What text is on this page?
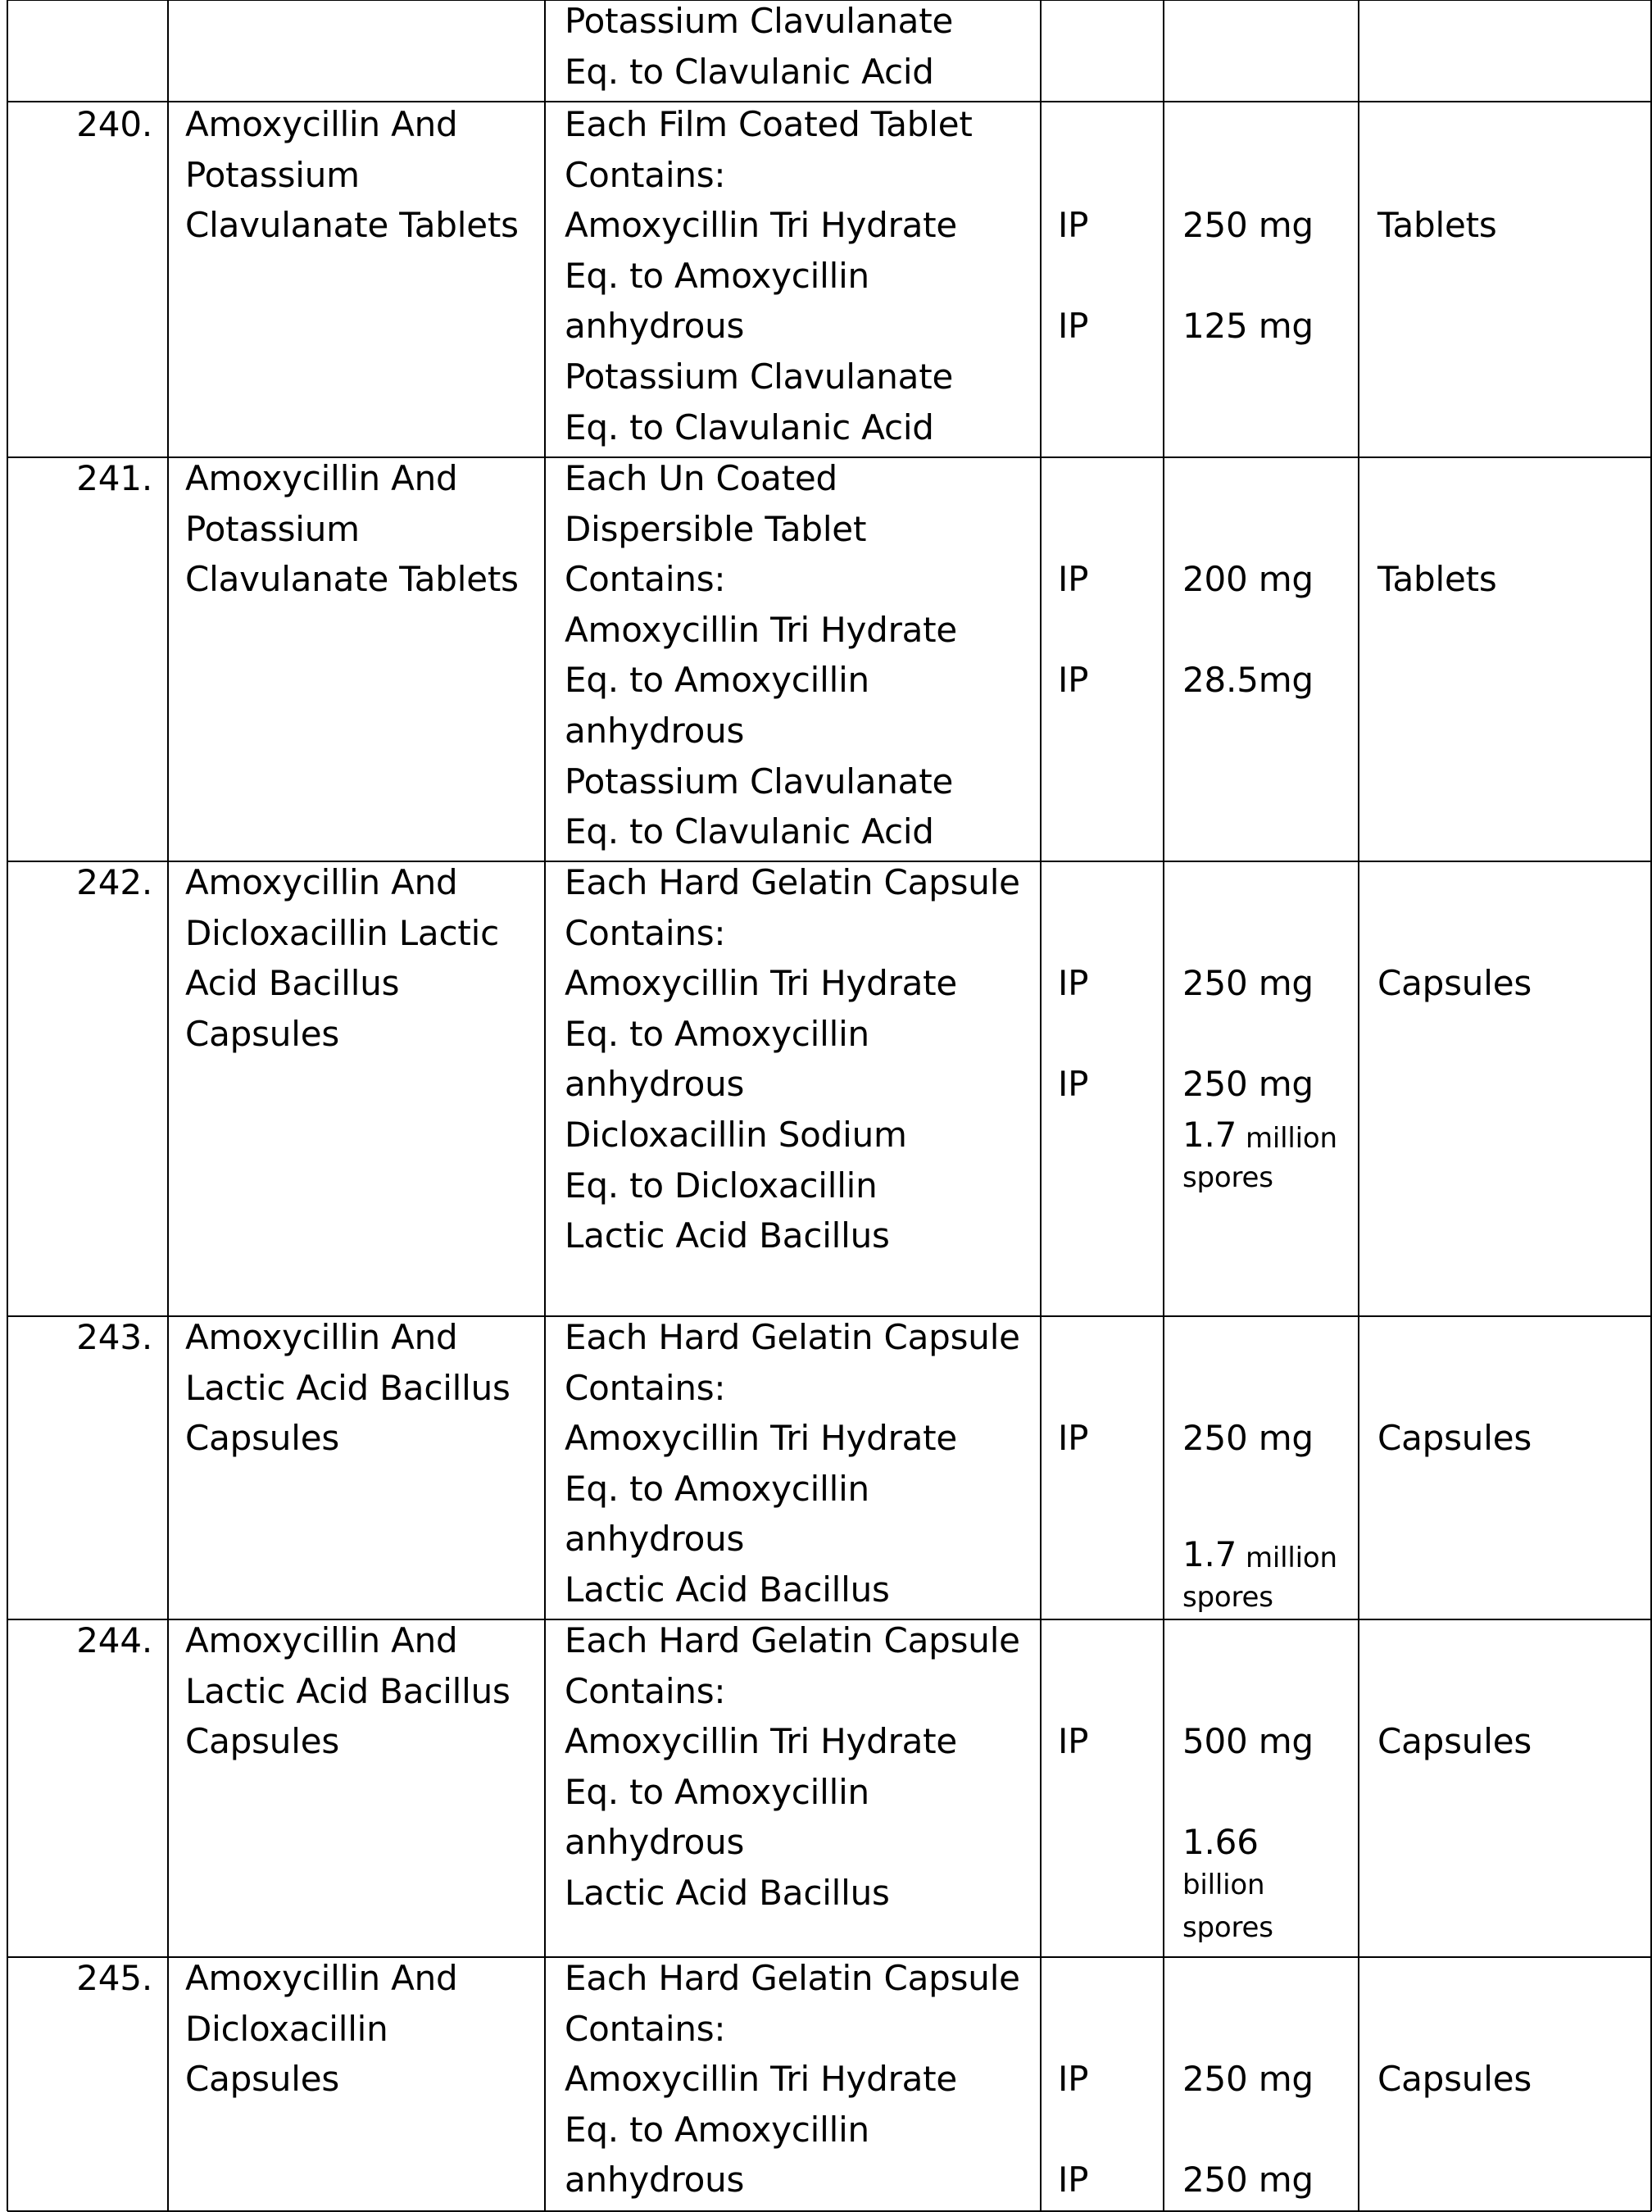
Potassium Clavulanate
Eq. to Clavulanic Acid
240. Amoxycillin And
Potassium
Clavulanate Tablets
Each Film Coated Tablet
Contains:
Amoxycillin Tri Hydrate
Eq. to Amoxycillin
anhydrous
Potassium Clavulanate
Eq. to Clavulanic Acid
IP
IP
250 mg
125 mg
Tablets
241. Amoxycillin And
Potassium
Clavulanate Tablets
Each Un Coated
Dispersible Tablet
Contains:
Amoxycillin Tri Hydrate
Eq. to Amoxycillin
anhydrous
Potassium Clavulanate
Eq. to Clavulanic Acid
IP
IP
200 mg
28.5mg
Tablets
242. Amoxycillin And
Dicloxacillin Lactic
Acid Bacillus
Capsules
Each Hard Gelatin Capsule
Contains:
Amoxycillin Tri Hydrate
Eq. to Amoxycillin
anhydrous
Dicloxacillin Sodium
Eq. to Dicloxacillin
Lactic Acid Bacillus
IP
IP
250 mg
250 mg
1.7 million
spores
Capsules
243. Amoxycillin And
Lactic Acid Bacillus
Capsules
Each Hard Gelatin Capsule
Contains:
Amoxycillin Tri Hydrate
Eq. to Amoxycillin
anhydrous
Lactic Acid Bacillus
IP	250 mg
1.7 million
spores
Capsules
244. Amoxycillin And
Lactic Acid Bacillus
Capsules
Each Hard Gelatin Capsule
Contains:
Amoxycillin Tri Hydrate
Eq. to Amoxycillin
anhydrous
Lactic Acid Bacillus
IP	500 mg
1.66
billion
spores
Capsules
245. Amoxycillin And
Dicloxacillin
Capsules
Each Hard Gelatin Capsule
Contains:
Amoxycillin Tri Hydrate
Eq. to Amoxycillin
anhydrous
IP
IP
250 mg
250 mg
Capsules
